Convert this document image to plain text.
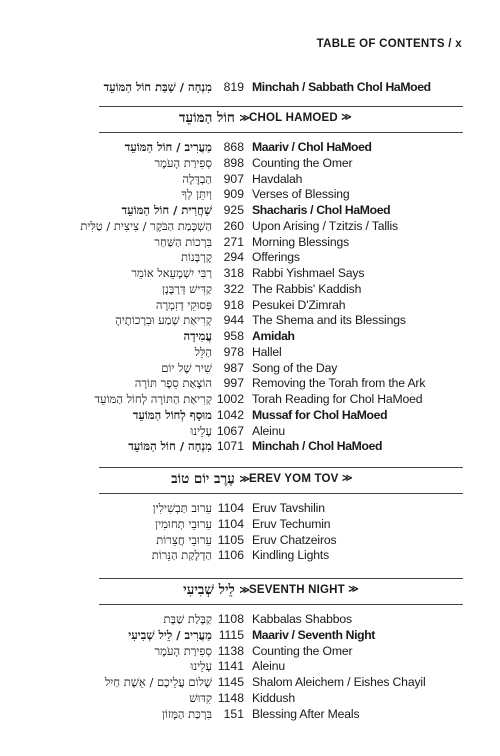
TABLE OF CONTENTS / x
מִנְחָה / שַׁבַּת חוֹל הַמּוֹעֵד 819 Minchah / Sabbath Chol HaMoed
≪ חוֹל הַמּוֹעֵד	CHOL HAMOED ≫
מַעֲרִיב / חוֹל הַמּוֹעֵד 868 Maariv / Chol HaMoed
סְפִירַת הָעֹמֶר 898 Counting the Omer
הַבְדָּלָה 907 Havdalah
וְיִתֵּן לְךָ 909 Verses of Blessing
שַׁחֲרִית / חוֹל הַמּוֹעֵד 925 Shacharis / Chol HaMoed
הַשְׁכָּמַת הַבֹּקֶר / צִיצִית / טַלִּית 260 Upon Arising / Tzitzis / Tallis
בִּרְכוֹת הַשַּׁחַר 271 Morning Blessings
קָרְבָּנוֹת 294 Offerings
רַבִּי יִשְׁמָעֵאל אוֹמֵר 318 Rabbi Yishmael Says
קַדִּישׁ דְּרַבָּנָן 322 The Rabbis' Kaddish
פְּסוּקֵי דְזִמְרָה 918 Pesukei D'Zimrah
קְרִיאַת שְׁמַע וּבִרְכוֹתֶיהָ 944 The Shema and its Blessings
עֲמִידָה 958 Amidah
הַלֵּל 978 Hallel
שִׁיר שֶׁל יוֹם 987 Song of the Day
הוֹצָאַת סֵפֶר תּוֹרָה 997 Removing the Torah from the Ark
קְרִיאַת הַתּוֹרָה לְחוֹל הַמּוֹעֵד 1002 Torah Reading for Chol HaMoed
מוּסָף לְחוֹל הַמּוֹעֵד 1042 Mussaf for Chol HaMoed
עָלֵינוּ 1067 Aleinu
מִנְחָה / חוֹל הַמּוֹעֵד 1071 Minchah / Chol HaMoed
≪ עֶרֶב יוֹם טוֹב	EREV YOM TOV ≫
עֵרוּב תַּבְשִׁילִין 1104 Eruv Tavshilin
עֵרוּבֵי תְחוּמִין 1104 Eruv Techumin
עֵרוּבֵי חֲצֵרוֹת 1105 Eruv Chatzeiros
הַדְלָקַת הַנֵּרוֹת 1106 Kindling Lights
≪ לֵיל שְׁבִיעִי	SEVENTH NIGHT ≫
קַבָּלַת שַׁבָּת 1108 Kabbalas Shabbos
מַעֲרִיב / לֵיל שְׁבִיעִי 1115 Maariv / Seventh Night
סְפִירַת הָעֹמֶר 1138 Counting the Omer
עָלֵינוּ 1141 Aleinu
שָׁלוֹם עֲלֵיכֶם / אֵשֶׁת חַיִל 1145 Shalom Aleichem / Eishes Chayil
קִדּוּשׁ 1148 Kiddush
בִּרְכַּת הַמָּזוֹן 151 Blessing After Meals
